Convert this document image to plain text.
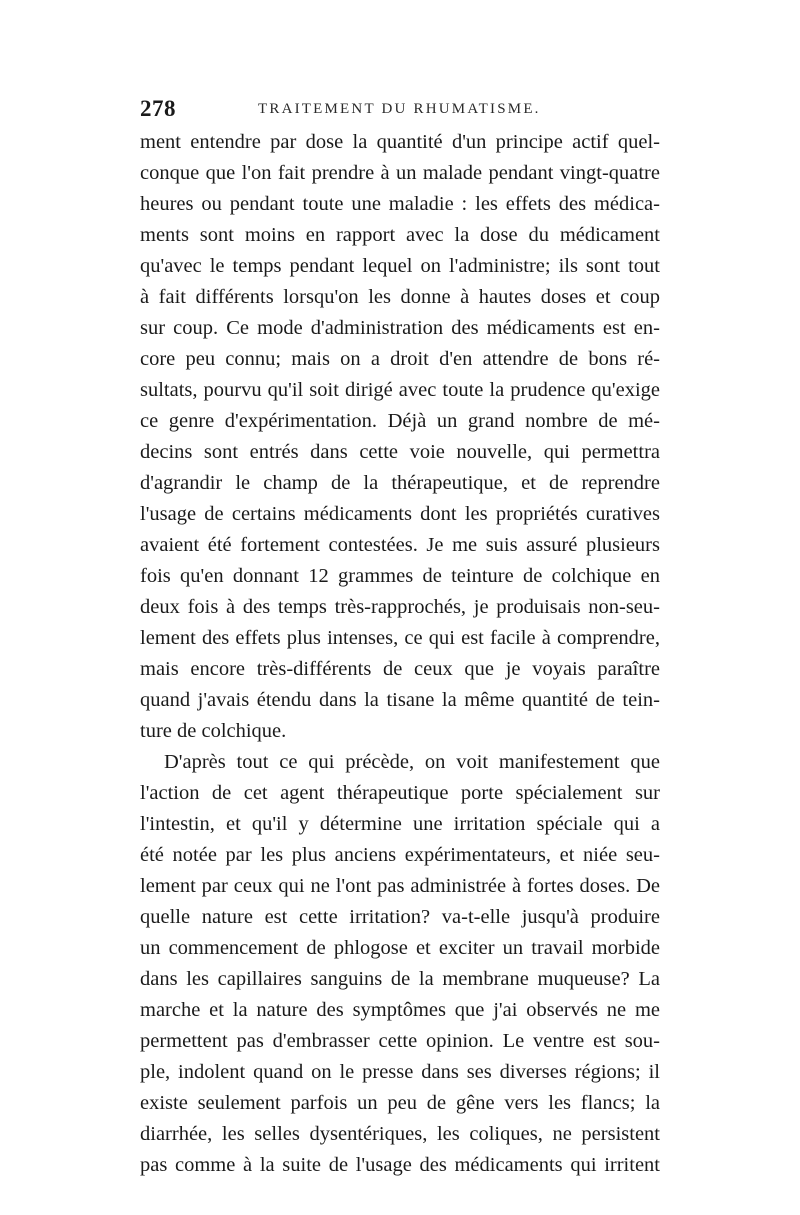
278	TRAITEMENT DU RHUMATISME.
ment entendre par dose la quantité d'un principe actif quel-
conque que l'on fait prendre à un malade pendant vingt-quatre
heures ou pendant toute une maladie : les effets des médica-
ments sont moins en rapport avec la dose du médicament
qu'avec le temps pendant lequel on l'administre; ils sont tout
à fait différents lorsqu'on les donne à hautes doses et coup
sur coup. Ce mode d'administration des médicaments est en-
core peu connu; mais on a droit d'en attendre de bons ré-
sultats, pourvu qu'il soit dirigé avec toute la prudence qu'exige
ce genre d'expérimentation. Déjà un grand nombre de mé-
decins sont entrés dans cette voie nouvelle, qui permettra
d'agrandir le champ de la thérapeutique, et de reprendre
l'usage de certains médicaments dont les propriétés curatives
avaient été fortement contestées. Je me suis assuré plusieurs
fois qu'en donnant 12 grammes de teinture de colchique en
deux fois à des temps très-rapprochés, je produisais non-seu-
lement des effets plus intenses, ce qui est facile à comprendre,
mais encore très-différents de ceux que je voyais paraître
quand j'avais étendu dans la tisane la même quantité de tein-
ture de colchique.
D'après tout ce qui précède, on voit manifestement que
l'action de cet agent thérapeutique porte spécialement sur
l'intestin, et qu'il y détermine une irritation spéciale qui a
été notée par les plus anciens expérimentateurs, et niée seu-
lement par ceux qui ne l'ont pas administrée à fortes doses. De
quelle nature est cette irritation? va-t-elle jusqu'à produire
un commencement de phlogose et exciter un travail morbide
dans les capillaires sanguins de la membrane muqueuse? La
marche et la nature des symptômes que j'ai observés ne me
permettent pas d'embrasser cette opinion. Le ventre est sou-
ple, indolent quand on le presse dans ses diverses régions; il
existe seulement parfois un peu de gêne vers les flancs; la
diarrhée, les selles dysentériques, les coliques, ne persistent
pas comme à la suite de l'usage des médicaments qui irritent
